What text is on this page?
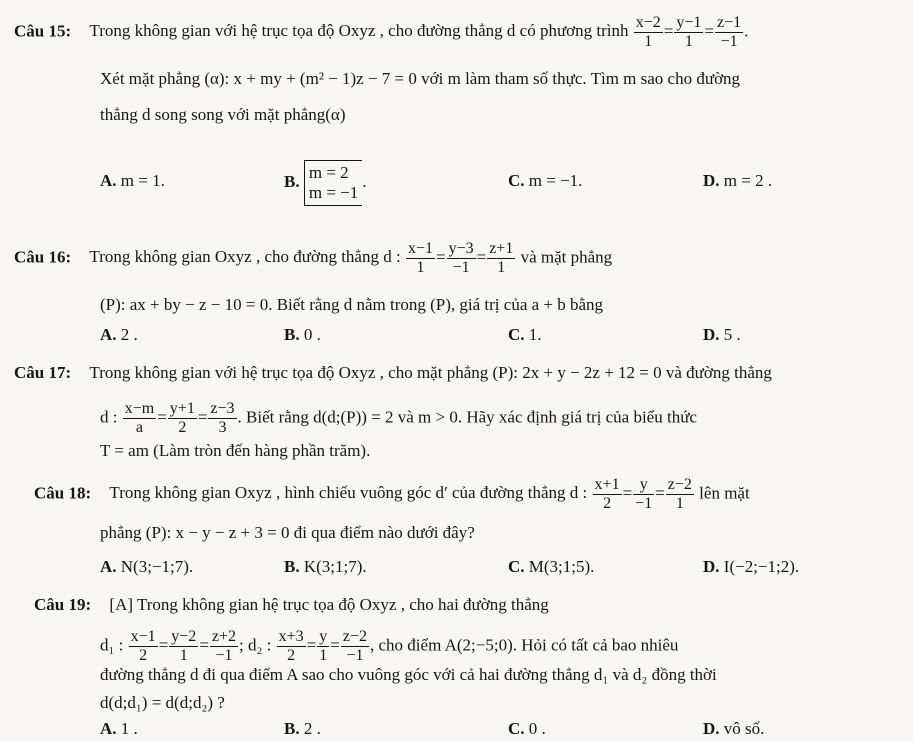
Câu 15: Trong không gian với hệ trục tọa độ Oxyz , cho đường thẳng d có phương trình $\frac{x-2}{1} = \frac{y-1}{1} = \frac{z-1}{-1}$ .
Xét mặt phẳng (α): x + my + (m² − 1)z − 7 = 0 với m làm tham số thực. Tìm m sao cho đường
thẳng d song song với mặt phẳng(α)
A. m = 1.	B. m = 2
m = −1
.	C. m = −1.	D. m = 2 .
Câu 16: Trong không gian Oxyz , cho đường thẳng d : $\frac{x-1}{1} = \frac{y-3}{-1} = \frac{z+1}{1}$ và mặt phẳng
(P): ax + by − z − 10 = 0. Biết rằng d nằm trong (P), giá trị của a + b bằng
A. 2 .	B. 0 .	C. 1.	D. 5 .
Câu 17: Trong không gian với hệ trục tọa độ Oxyz , cho mặt phẳng (P): 2x + y − 2z + 12 = 0 và đường thẳng
d : $\frac{x-m}{a} = \frac{y+1}{2} = \frac{z-3}{3}$ . Biết rằng d(d;(P)) = 2 và m > 0. Hãy xác định giá trị của biểu thức
T = am (Làm tròn đến hàng phần trăm).
Câu 18: Trong không gian Oxyz , hình chiếu vuông góc d′ của đường thẳng d : $\frac{x+1}{2} = \frac{y}{-1} = \frac{z-2}{1}$ lên mặt
phẳng (P): x − y − z + 3 = 0 đi qua điểm nào dưới đây?
A. N(3;−1;7).	B. K(3;1;7).	C. M(3;1;5).	D. I(−2;−1;2).
Câu 19: [A] Trong không gian hệ trục tọa độ Oxyz , cho hai đường thẳng
d₁ : $\frac{x-1}{2} = \frac{y-2}{1} = \frac{z+2}{-1}$ ; d₂ : $\frac{x+3}{2} = \frac{y}{1} = \frac{z-2}{-1}$ , cho điểm A(2;−5;0). Hỏi có tất cả bao nhiêu
đường thẳng d đi qua điểm A sao cho vuông góc với cả hai đường thẳng d₁ và d₂ đồng thời
d(d;d₁) = d(d;d₂) ?
A. 1 .	B. 2 .	C. 0 .	D. vô số.
